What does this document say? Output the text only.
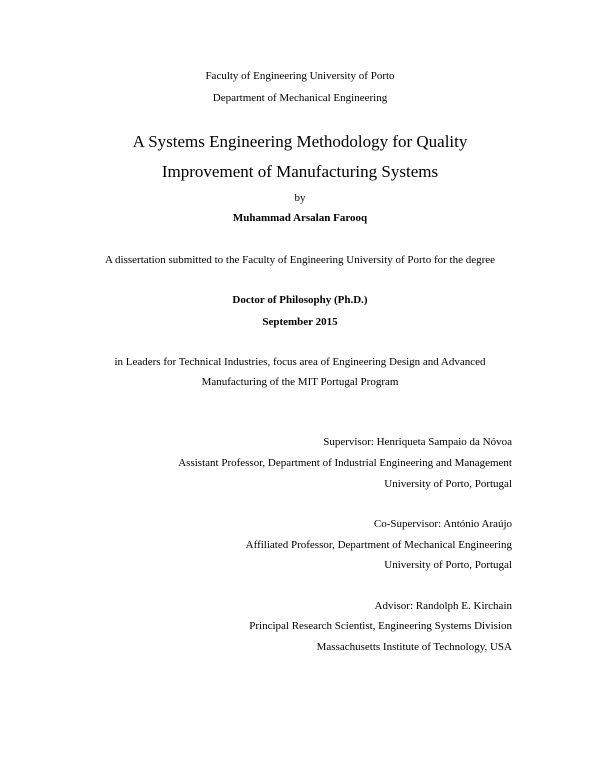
Faculty of Engineering University of Porto
Department of Mechanical Engineering
A Systems Engineering Methodology for Quality
Improvement of Manufacturing Systems
by
Muhammad Arsalan Farooq
A dissertation submitted to the Faculty of Engineering University of Porto for the degree
Doctor of Philosophy (Ph.D.)
September 2015
in Leaders for Technical Industries, focus area of Engineering Design and Advanced
Manufacturing of the MIT Portugal Program
Supervisor: Henriqueta Sampaio da Nóvoa
Assistant Professor, Department of Industrial Engineering and Management
University of Porto, Portugal
Co-Supervisor: António Araújo
Affiliated Professor, Department of Mechanical Engineering
University of Porto, Portugal
Advisor: Randolph E. Kirchain
Principal Research Scientist, Engineering Systems Division
Massachusetts Institute of Technology, USA
